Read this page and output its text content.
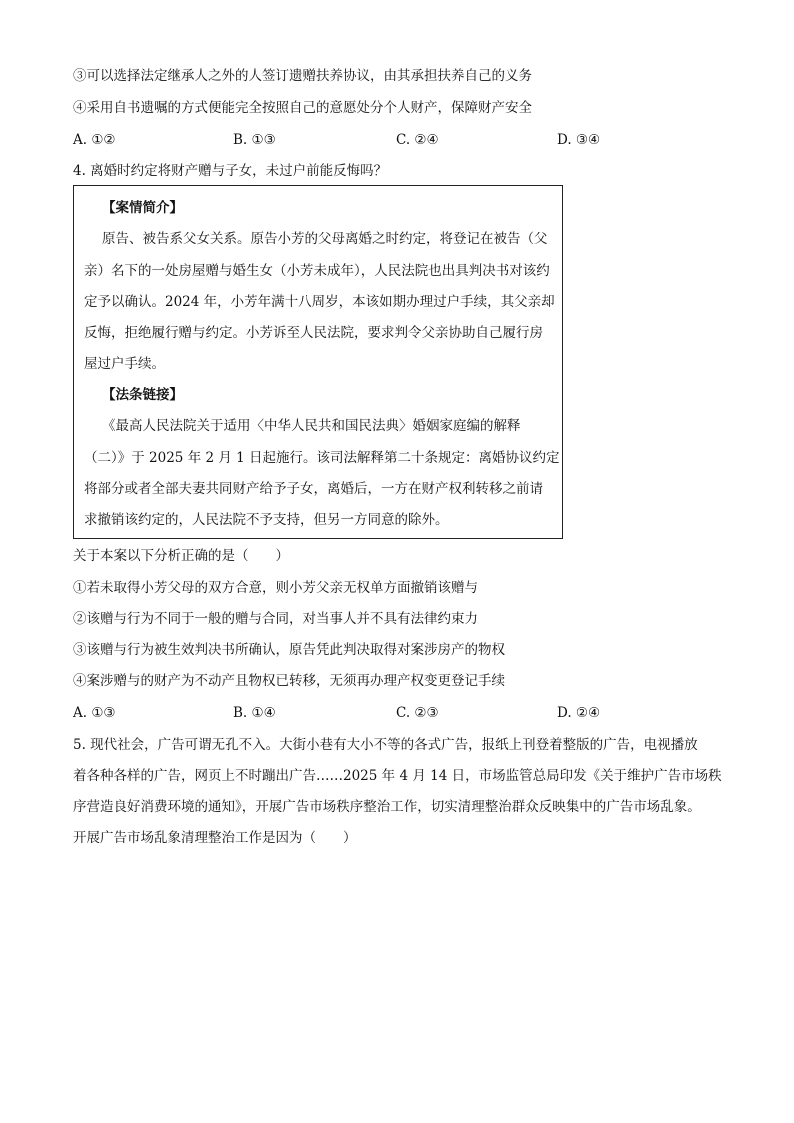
③可以选择法定继承人之外的人签订遗赠扶养协议，由其承担扶养自己的义务
④采用自书遗嘱的方式便能完全按照自己的意愿处分个人财产，保障财产安全
A. ①②	B. ①③	C. ②④	D. ③④
4. 离婚时约定将财产赠与子女，未过户前能反悔吗？
【案情简介】
原告、被告系父女关系。原告小芳的父母离婚之时约定，将登记在被告（父
亲）名下的一处房屋赠与婚生女（小芳未成年），人民法院也出具判决书对该约
定予以确认。2024 年，小芳年满十八周岁，本该如期办理过户手续，其父亲却
反悔，拒绝履行赠与约定。小芳诉至人民法院，要求判令父亲协助自己履行房
屋过户手续。
【法条链接】
《最高人民法院关于适用〈中华人民共和国民法典〉婚姻家庭编的解释
（二）》于 2025 年 2 月 1 日起施行。该司法解释第二十条规定：离婚协议约定
将部分或者全部夫妻共同财产给予子女，离婚后，一方在财产权利转移之前请
求撤销该约定的，人民法院不予支持，但另一方同意的除外。
关于本案以下分析正确的是（　　）
①若未取得小芳父母的双方合意，则小芳父亲无权单方面撤销该赠与
②该赠与行为不同于一般的赠与合同，对当事人并不具有法律约束力
③该赠与行为被生效判决书所确认，原告凭此判决取得对案涉房产的物权
④案涉赠与的财产为不动产且物权已转移，无须再办理产权变更登记手续
A. ①③	B. ①④	C. ②③	D. ②④
5. 现代社会，广告可谓无孔不入。大街小巷有大小不等的各式广告，报纸上刊登着整版的广告，电视播放
着各种各样的广告，网页上不时蹦出广告……2025 年 4 月 14 日，市场监管总局印发《关于维护广告市场秩
序营造良好消费环境的通知》，开展广告市场秩序整治工作，切实清理整治群众反映集中的广告市场乱象。
开展广告市场乱象清理整治工作是因为（　　）
